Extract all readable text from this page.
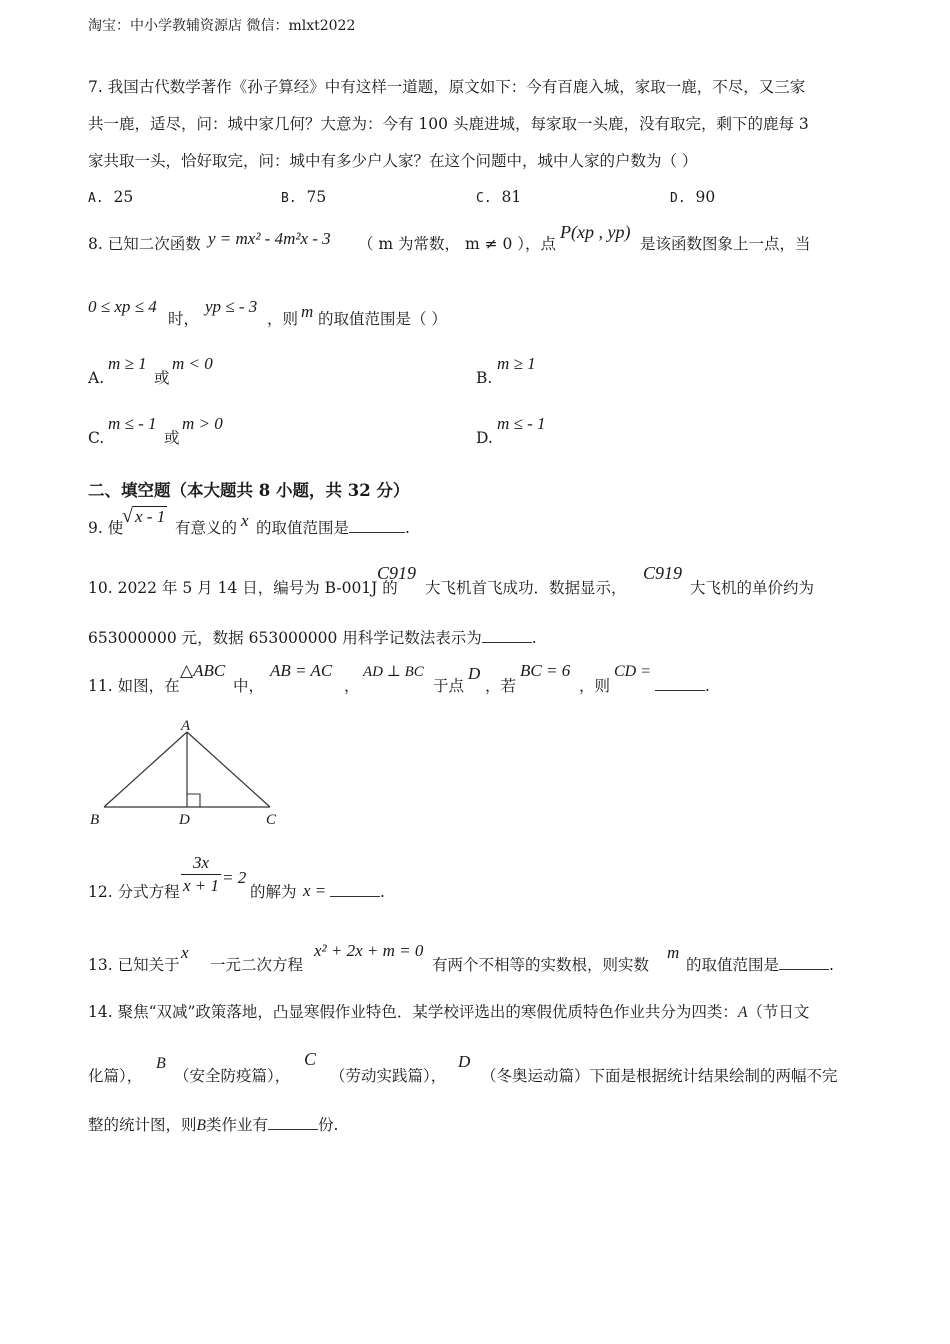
淘宝：中小学教辅资源店 微信：mlxt2022
7. 我国古代数学著作《孙子算经》中有这样一道题，原文如下：今有百鹿入城，家取一鹿，不尽，又三家
共一鹿，适尽，问：城中家几何？大意为：今有 100 头鹿进城，每家取一头鹿，没有取完，剩下的鹿每 3
家共取一头，恰好取完，问：城中有多少户人家？在这个问题中，城中人家的户数为（ ）
A. 25	B. 75	C. 81	D. 90
8. 已知二次函数 y = mx² - 4m²x - 3 （ m 为常数， m ≠ 0 ），点
P(xp , yp)
是该函数图象上一点，当
0 ≤ xp ≤ 4
时，
yp ≤ - 3
，则 m 的取值范围是（ ）
A.
m ≥ 1
或
m < 0
B.
m ≥ 1
C.
m ≤ - 1
或
m > 0
D.
m ≤ - 1
二、填空题（本大题共 8 小题，共 32 分）
9. 使
√ x - 1
有意义的 x 的取值范围是	.
10. 2022 年 5 月 14 日，编号为 B-001J 的
C919
大飞机首飞成功．数据显示，
C919
大飞机的单价约为
653000000 元，数据 653000000 用科学记数法表示为	.
11. 如图，在
△ABC
中，
AB = AC
，
AD ⊥ BC
于点
D
，若
BC = 6
，则
CD =
.
A
B	D	C
12. 分式方程 $\frac{3x}{x + 1} = 2$
的解为 x =	.
13. 已知关于
x
一元二次方程
x² + 2x + m = 0
有两个不相等的实数根，则实数
m
的取值范围是	.
14. 聚焦“双减”政策落地，凸显寒假作业特色．某学校评选出的寒假优质特色作业共分为四类：A（节日文
化篇），
B
（安全防疫篇），
C
（劳动实践篇），
D
（冬奥运动篇）下面是根据统计结果绘制的两幅不完
整的统计图，则B类作业有	份.
